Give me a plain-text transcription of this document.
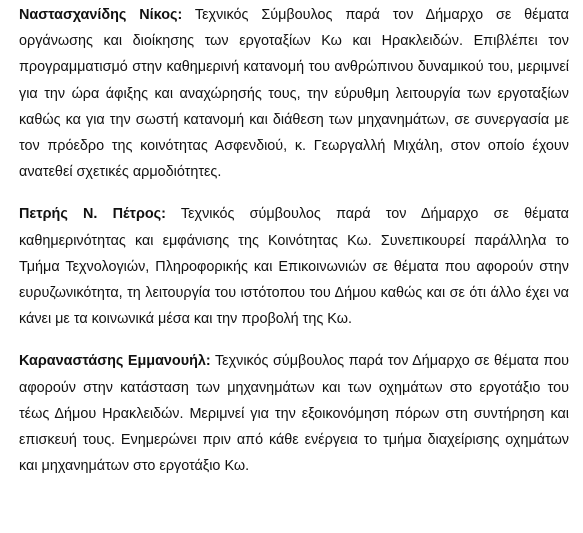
Ναστασχανίδης Νίκος: Τεχνικός Σύμβουλος παρά τον Δήμαρχο σε θέματα οργάνωσης και διοίκησης των εργοταξίων Κω και Ηρακλειδών. Επιβλέπει τον προγραμματισμό στην καθημερινή κατανομή του ανθρώπινου δυναμικού του, μεριμνεί για την ώρα άφιξης και αναχώρησής τους, την εύρυθμη λειτουργία των εργοταξίων καθώς κα για την σωστή κατανομή και διάθεση των μηχανημάτων, σε συνεργασία με τον πρόεδρο της κοινότητας Ασφενδιού, κ. Γεωργαλλή Μιχάλη, στον οποίο έχουν ανατεθεί σχετικές αρμοδιότητες.

Πετρής Ν. Πέτρος: Τεχνικός σύμβουλος παρά τον Δήμαρχο σε θέματα καθημερινότητας και εμφάνισης της Κοινότητας Κω. Συνεπικουρεί παράλληλα το Τμήμα Τεχνολογιών, Πληροφορικής και Επικοινωνιών σε θέματα που αφορούν στην ευρυζωνικότητα, τη λειτουργία του ιστότοπου του Δήμου καθώς και σε ότι άλλο έχει να κάνει με τα κοινωνικά μέσα και την προβολή της Κω.

Καραναστάσης Εμμανουήλ: Τεχνικός σύμβουλος παρά τον Δήμαρχο σε θέματα που αφορούν στην κατάσταση των μηχανημάτων και των οχημάτων στο εργοτάξιο του τέως Δήμου Ηρακλειδών. Μεριμνεί για την εξοικονόμηση πόρων στη συντήρηση και επισκευή τους. Ενημερώνει πριν από κάθε ενέργεια το τμήμα διαχείρισης οχημάτων και μηχανημάτων στο εργοτάξιο Κω.
